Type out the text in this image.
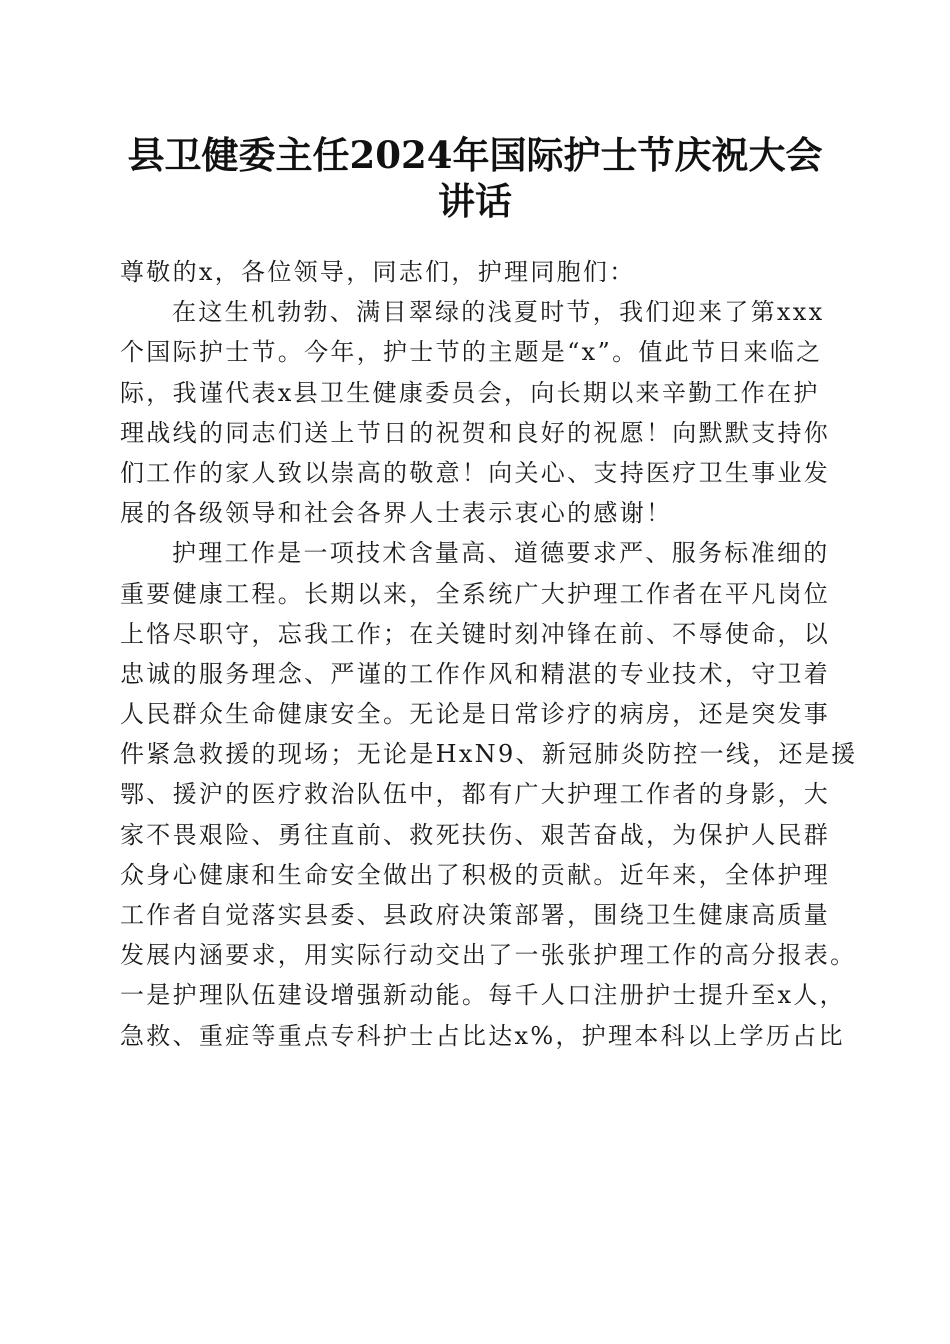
县卫健委主任2024年国际护士节庆祝大会讲话
尊敬的x，各位领导，同志们，护理同胞们：
在这生机勃勃、满目翠绿的浅夏时节，我们迎来了第xxx
个国际护士节。今年，护士节的主题是“x”。值此节日来临之
际，我谨代表x县卫生健康委员会，向长期以来辛勤工作在护
理战线的同志们送上节日的祝贺和良好的祝愿！向默默支持你
们工作的家人致以崇高的敬意！向关心、支持医疗卫生事业发
展的各级领导和社会各界人士表示衷心的感谢！
护理工作是一项技术含量高、道德要求严、服务标准细的
重要健康工程。长期以来，全系统广大护理工作者在平凡岗位
上恪尽职守，忘我工作；在关键时刻冲锋在前、不辱使命，以
忠诚的服务理念、严谨的工作作风和精湛的专业技术，守卫着
人民群众生命健康安全。无论是日常诊疗的病房，还是突发事
件紧急救援的现场；无论是HxN9、新冠肺炎防控一线，还是援
鄂、援沪的医疗救治队伍中，都有广大护理工作者的身影，大
家不畏艰险、勇往直前、救死扶伤、艰苦奋战，为保护人民群
众身心健康和生命安全做出了积极的贡献。近年来，全体护理
工作者自觉落实县委、县政府决策部署，围绕卫生健康高质量
发展内涵要求，用实际行动交出了一张张护理工作的高分报表。
一是护理队伍建设增强新动能。每千人口注册护士提升至x人，
急救、重症等重点专科护士占比达x%，护理本科以上学历占比
